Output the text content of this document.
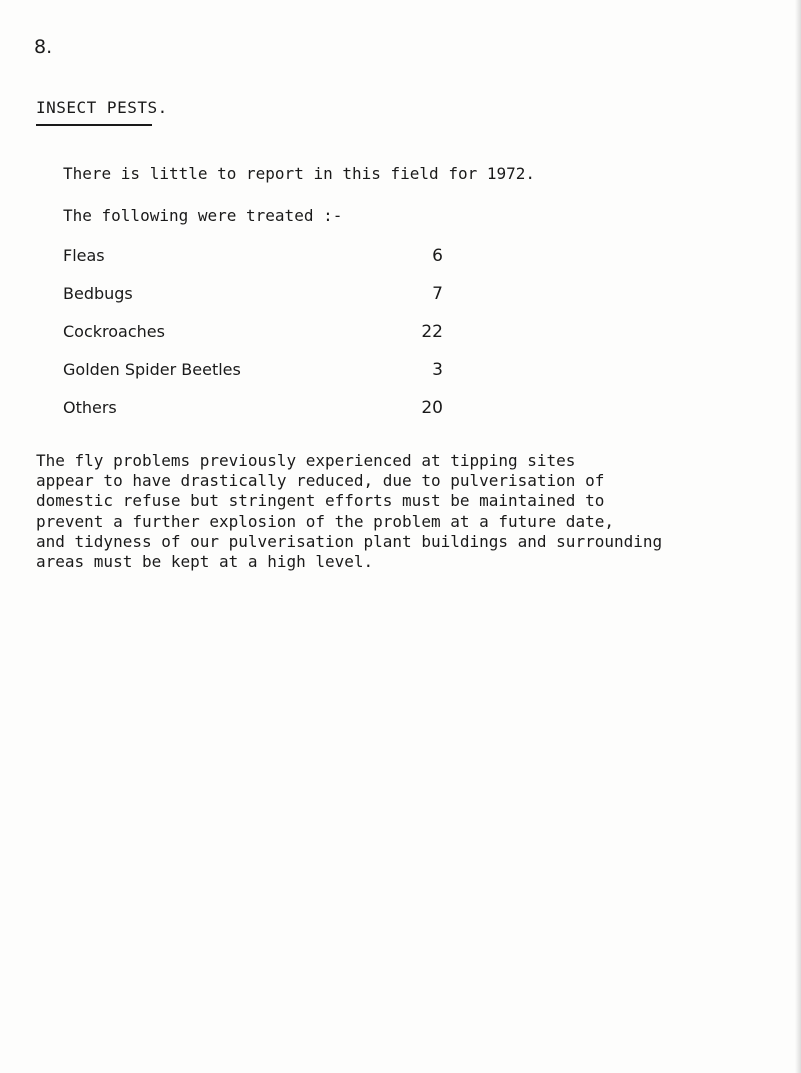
8.
INSECT PESTS.
There is little to report in this field for 1972.
The following were treated :-
Fleas	6
Bedbugs	7
Cockroaches	22
Golden Spider Beetles	3
Others	20
The fly problems previously experienced at tipping sites
appear to have drastically reduced, due to pulverisation of
domestic refuse but stringent efforts must be maintained to
prevent a further explosion of the problem at a future date,
and tidyness of our pulverisation plant buildings and surrounding
areas must be kept at a high level.
